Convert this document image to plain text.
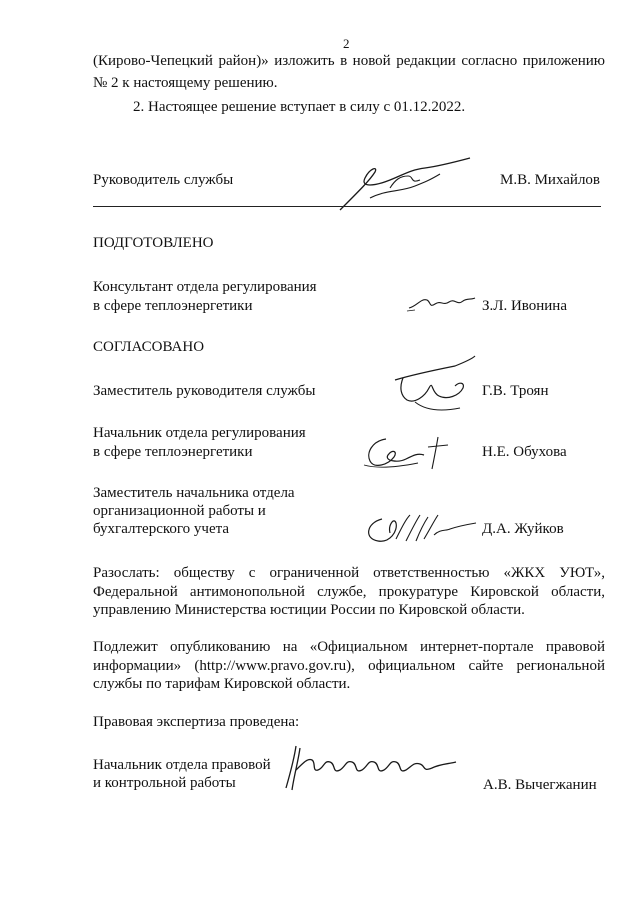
2
(Кирово-Чепецкий район)» изложить в новой редакции согласно приложению
№ 2 к настоящему решению.
2. Настоящее решение вступает в силу с 01.12.2022.
Руководитель службы	М.В. Михайлов
ПОДГОТОВЛЕНО
Консультант отдела регулирования
в сфере теплоэнергетики	З.Л. Ивонина
СОГЛАСОВАНО
Заместитель руководителя службы	Г.В. Троян
Начальник отдела регулирования
в сфере теплоэнергетики	Н.Е. Обухова
Заместитель начальника отдела
организационной работы и
бухгалтерского учета	Д.А. Жуйков
Разослать: обществу с ограниченной ответственностью «ЖКХ УЮТ»,
Федеральной антимонопольной службе, прокуратуре Кировской области,
управлению Министерства юстиции России по Кировской области.
Подлежит опубликованию на «Официальном интернет-портале правовой
информации» (http://www.pravo.gov.ru), официальном сайте региональной
службы по тарифам Кировской области.
Правовая экспертиза проведена:
Начальник отдела правовой
и контрольной работы	А.В. Вычегжанин
